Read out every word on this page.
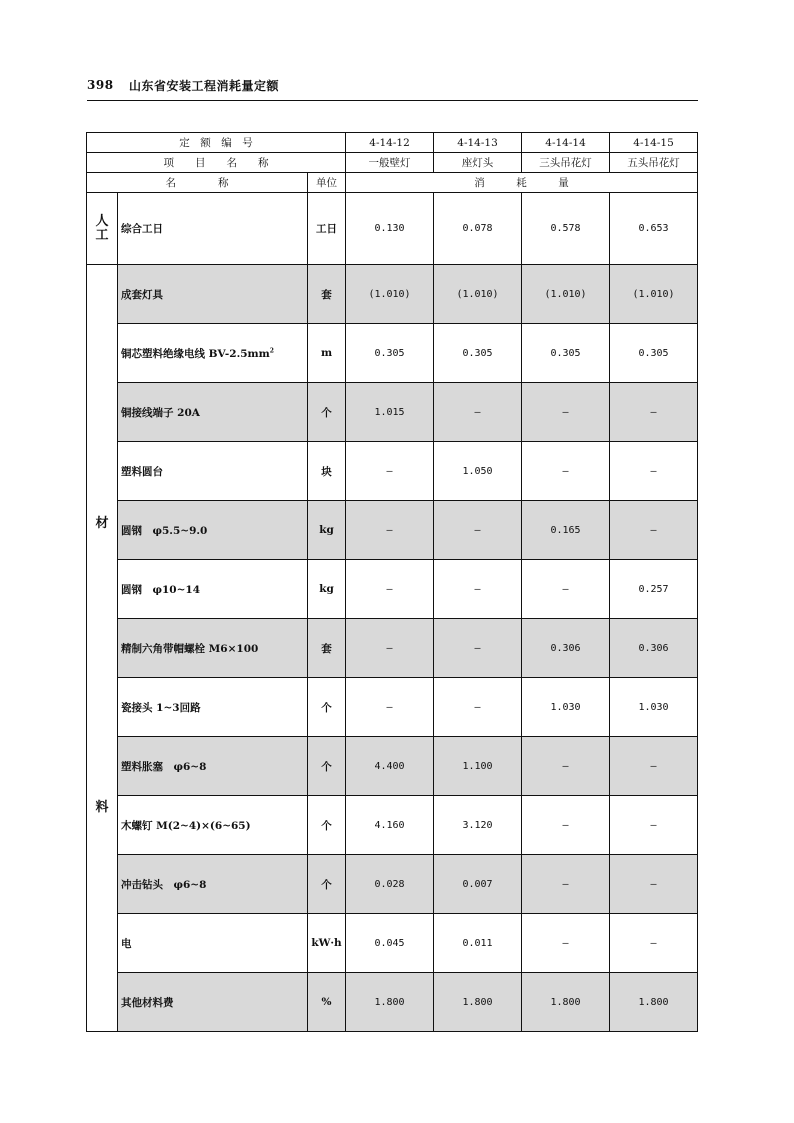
398 山东省安装工程消耗量定额
定　额　编　号			4-14-12	4-14-13	4-14-14	4-14-15
项　　目　　名　　称			一般壁灯	座灯头	三头吊花灯	五头吊花灯
名　　　　称		单位	消　　　耗　　　量			

人
工	综合工日	工日	0.130	0.078	0.578	0.653

材
料	成套灯具	套	(1.010)	(1.010)	(1.010)	(1.010)
	铜芯塑料绝缘电线 $BV-2.5mm^2$	m	0.305	0.305	0.305	0.305
	铜接线端子 20A	个	1.015	—	—	—
	塑料圆台	块	—	1.050	—	—
	圆钢　φ5.5~9.0	kg	—	—	0.165	—
	圆钢　φ10~14	kg	—	—	—	0.257
	精制六角带帽螺栓 M6×100	套	—	—	0.306	0.306
	瓷接头 1~3回路	个	—	—	1.030	1.030
	塑料胀塞　φ6~8	个	4.400	1.100	—	—
	木螺钉 M(2~4)×(6~65)	个	4.160	3.120	—	—
	冲击钻头　φ6~8	个	0.028	0.007	—	—
	电	kW·h	0.045	0.011	—	—
	其他材料费	%	1.800	1.800	1.800	1.800
